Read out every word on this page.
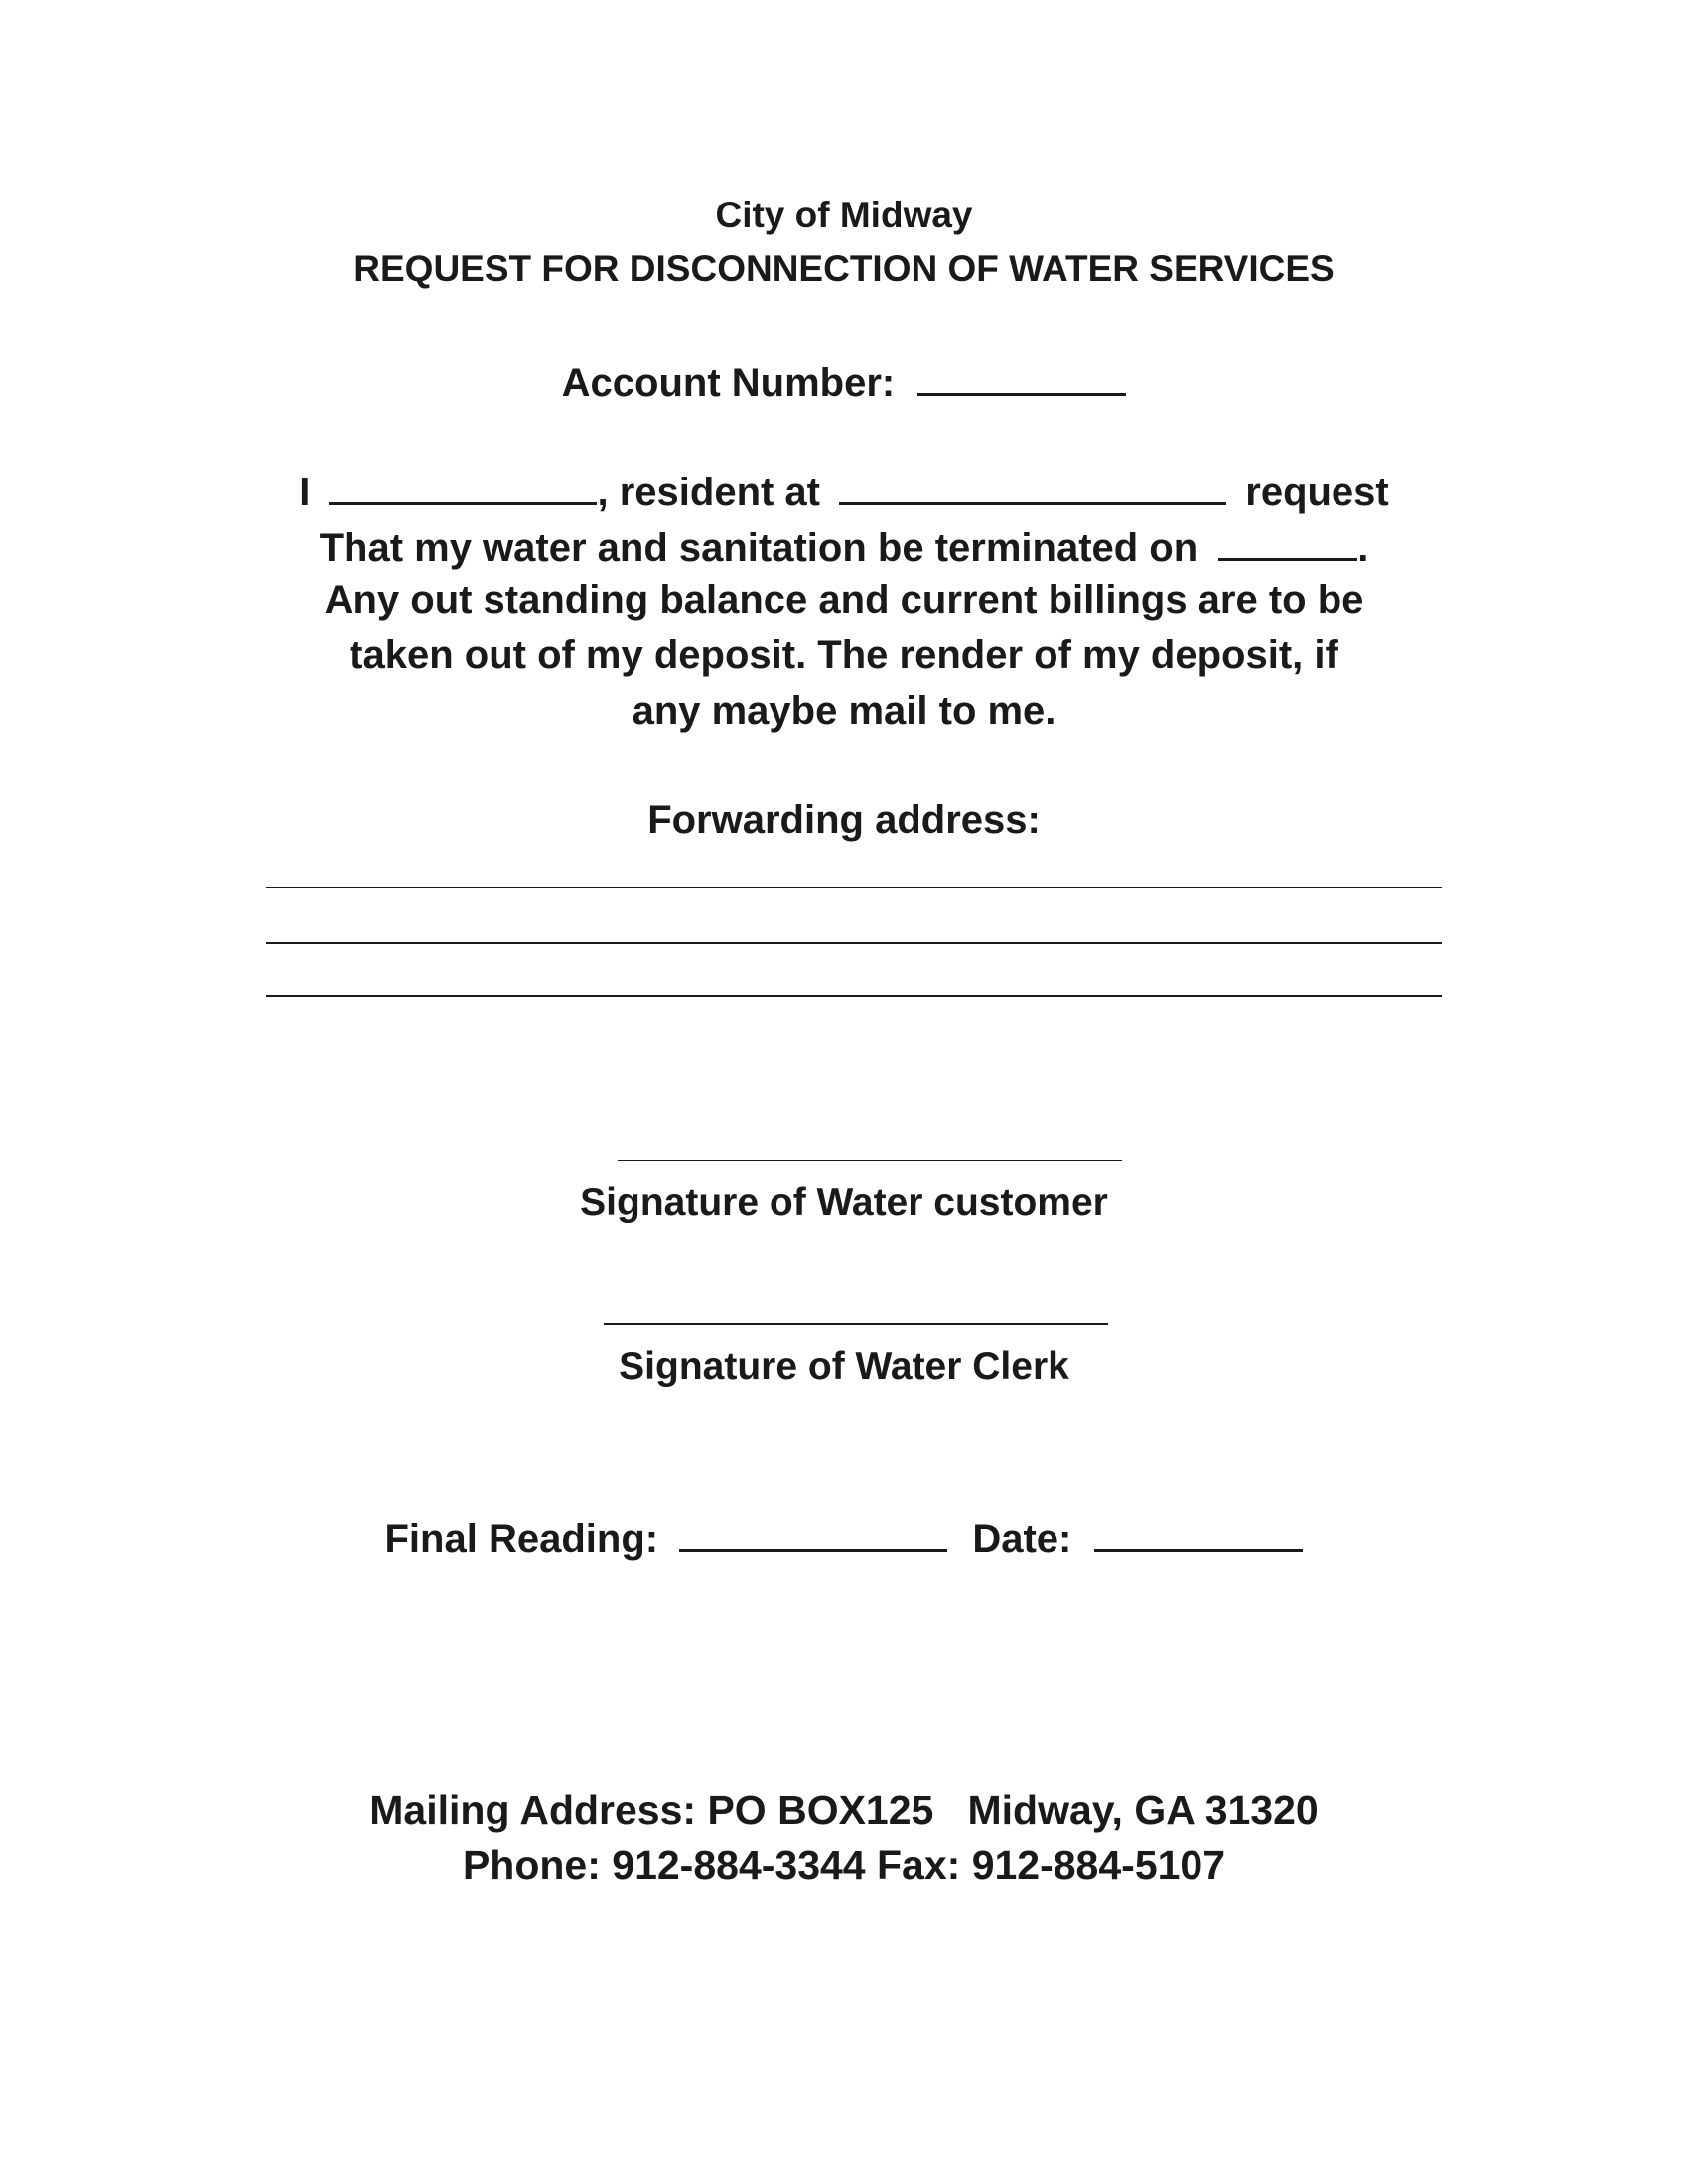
City of Midway
REQUEST FOR DISCONNECTION OF WATER SERVICES
Account Number:
I	, resident at	request
That my water and sanitation be terminated on	.
Any out standing balance and current billings are to be
taken out of my deposit. The render of my deposit, if
any maybe mail to me.
Forwarding address:
Signature of Water customer
Signature of Water Clerk
Final Reading:	Date:
Mailing Address: PO BOX125   Midway, GA 31320
Phone: 912-884-3344 Fax: 912-884-5107
